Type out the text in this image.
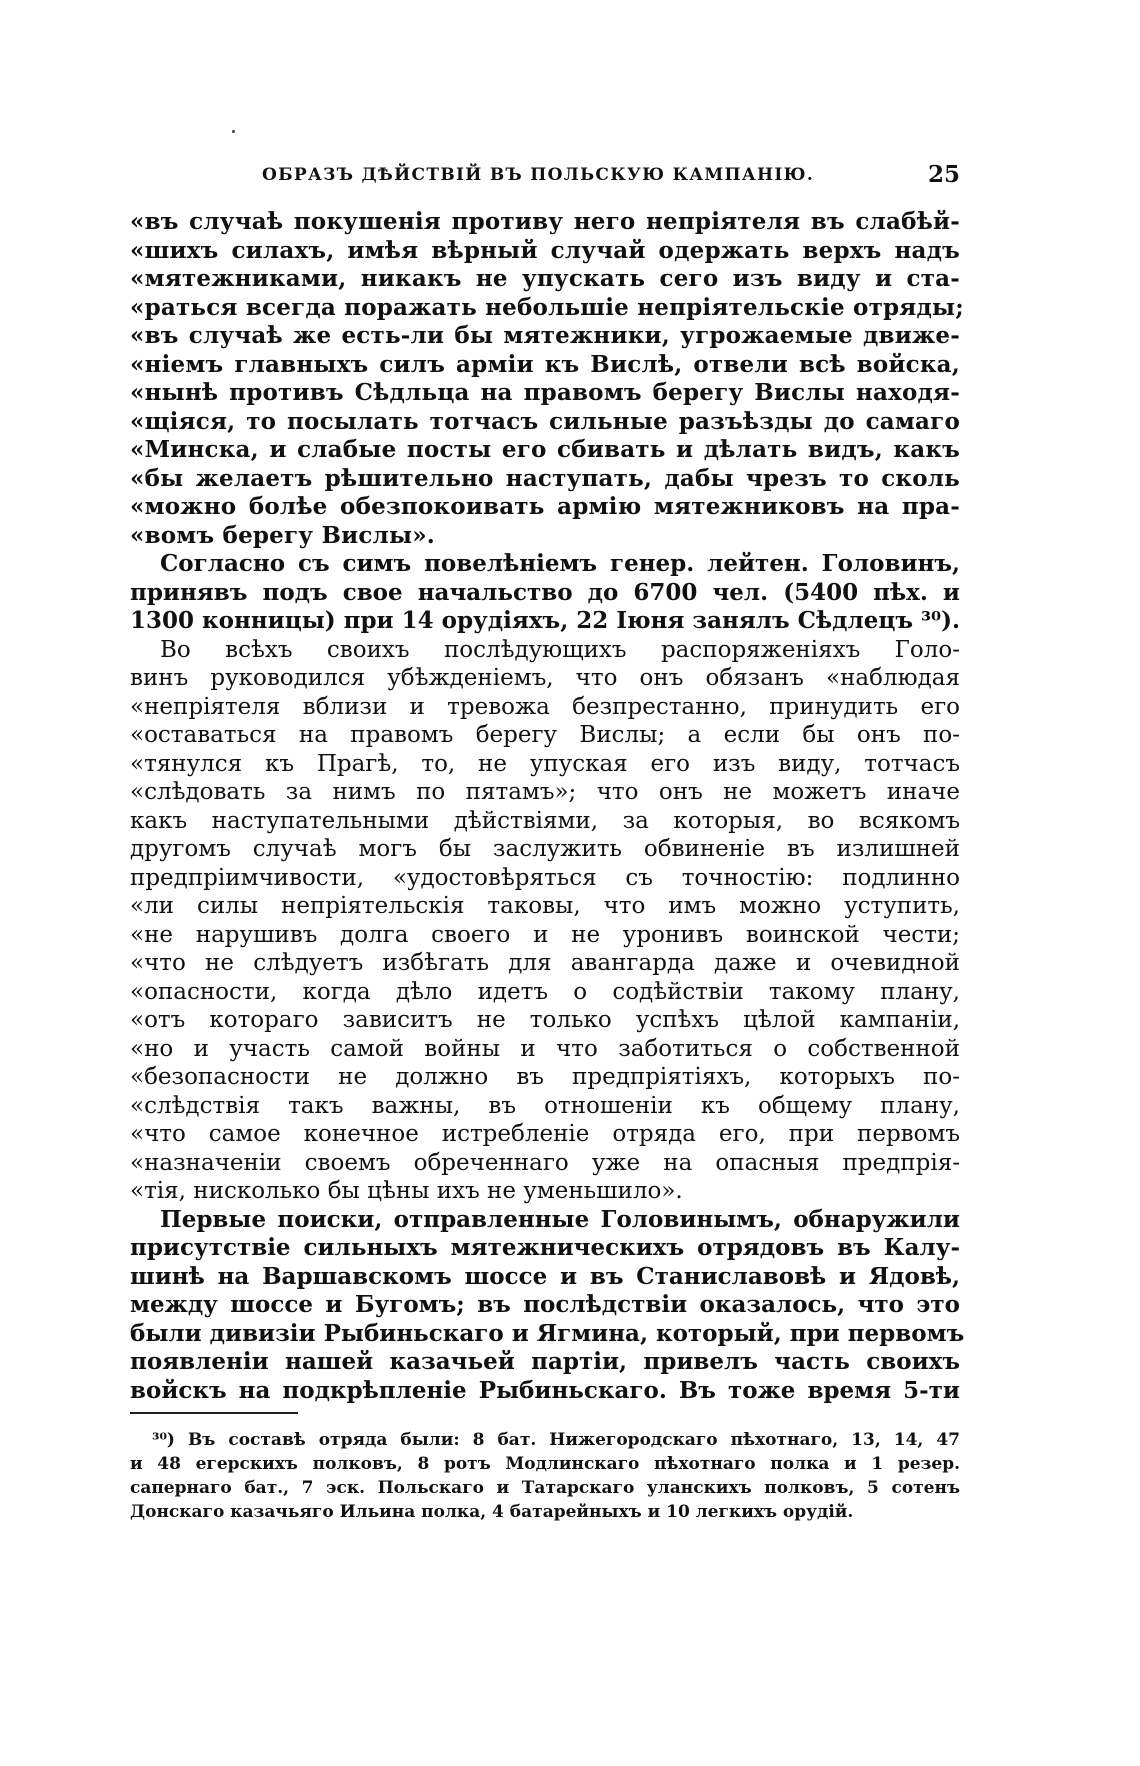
ОБРАЗЪ ДѢЙСТВІЙ ВЪ ПОЛЬСКУЮ КАМПАНІЮ.	25
«въ случаѣ покушенія противу него непріятеля въ слабѣй-
«шихъ силахъ, имѣя вѣрный случай одержать верхъ надъ
«мятежниками, никакъ не упускать сего изъ виду и ста-
«раться всегда поражать небольшіе непріятельскіе отряды;
«въ случаѣ же есть-ли бы мятежники, угрожаемые движе-
«ніемъ главныхъ силъ арміи къ Вислѣ, отвели всѣ войска,
«нынѣ противъ Сѣдльца на правомъ берегу Вислы находя-
«щіяся, то посылать тотчасъ сильные разъѣзды до самаго
«Минска, и слабые посты его сбивать и дѣлать видъ, какъ
«бы желаетъ рѣшительно наступать, дабы чрезъ то сколь
«можно болѣе обезпокоивать армію мятежниковъ на пра-
«вомъ берегу Вислы».
Согласно съ симъ повелѣніемъ генер. лейтен. Головинъ,
принявъ подъ свое начальство до 6700 чел. (5400 пѣх. и
1300 конницы) при 14 орудіяхъ, 22 Іюня занялъ Сѣдлецъ ³⁰).
Во всѣхъ своихъ послѣдующихъ распоряженіяхъ Голо-
винъ руководился убѣжденіемъ, что онъ обязанъ «наблюдая
«непріятеля вблизи и тревожа безпрестанно, принудить его
«оставаться на правомъ берегу Вислы; а если бы онъ по-
«тянулся къ Прагѣ, то, не упуская его изъ виду, тотчасъ
«слѣдовать за нимъ по пятамъ»; что онъ не можетъ иначе
какъ наступательными дѣйствіями, за которыя, во всякомъ
другомъ случаѣ могъ бы заслужить обвиненіе въ излишней
предпріимчивости, «удостовѣряться съ точностію: подлинно
«ли силы непріятельскія таковы, что имъ можно уступить,
«не нарушивъ долга своего и не уронивъ воинской чести;
«что не слѣдуетъ избѣгать для авангарда даже и очевидной
«опасности, когда дѣло идетъ о содѣйствіи такому плану,
«отъ котораго зависитъ не только успѣхъ цѣлой кампаніи,
«но и участь самой войны и что заботиться о собственной
«безопасности не должно въ предпріятіяхъ, которыхъ по-
«слѣдствія такъ важны, въ отношеніи къ общему плану,
«что самое конечное истребленіе отряда его, при первомъ
«назначеніи своемъ обреченнаго уже на опасныя предпрія-
«тія, нисколько бы цѣны ихъ не уменьшило».
Первые поиски, отправленные Головинымъ, обнаружили
присутствіе сильныхъ мятежническихъ отрядовъ въ Калу-
шинѣ на Варшавскомъ шоссе и въ Станиславовѣ и Ядовѣ,
между шоссе и Бугомъ; въ послѣдствіи оказалось, что это
были дивизіи Рыбиньскаго и Ягмина, который, при первомъ
появленіи нашей казачьей партіи, привелъ часть своихъ
войскъ на подкрѣпленіе Рыбиньскаго. Въ тоже время 5-ти
³⁰) Въ составѣ отряда были: 8 бат. Нижегородскаго пѣхотнаго, 13, 14, 47
и 48 егерскихъ полковъ, 8 ротъ Модлинскаго пѣхотнаго полка и 1 резер.
сапернаго бат., 7 эск. Польскаго и Татарскаго уланскихъ полковъ, 5 сотенъ
Донскаго казачьяго Ильина полка, 4 батарейныхъ и 10 легкихъ орудій.
